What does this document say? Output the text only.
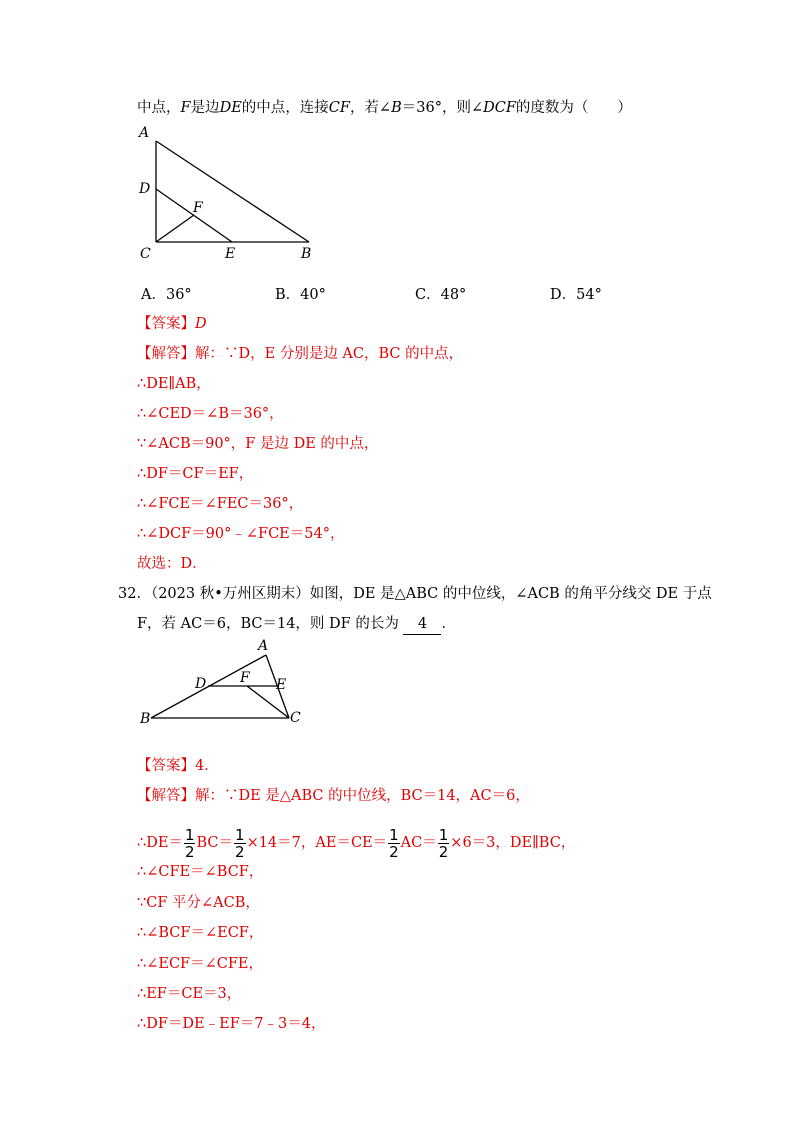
中点，F是边DE的中点，连接CF，若∠B＝36°，则∠DCF的度数为（　　）
A
D
F
C	E	B
A．36°	B．40°	C．48°	D．54°
【答案】D
【解答】解：∵D，E 分别是边 AC，BC 的中点，
∴DE∥AB，
∴∠CED＝∠B＝36°，
∵∠ACB＝90°，F 是边 DE 的中点，
∴DF＝CF＝EF，
∴∠FCE＝∠FEC＝36°，
∴∠DCF＝90°﹣∠FCE＝54°，
故选：D．
32．（2023 秋•万州区期末）如图，DE 是△ABC 的中位线，∠ACB 的角平分线交 DE 于点
F，若 AC＝6，BC＝14，则 DF 的长为 4 ．
A
D F E
B	C
【答案】4．
【解答】解：∵DE 是△ABC 的中位线，BC＝14，AC＝6，
∴DE＝ $\frac{1}{2} BC= \frac{1}{2} \times 14=7$，$AE=CE= \frac{1}{2} AC= \frac{1}{2} \times 6=3$，DE∥BC，
∴∠CFE＝∠BCF，
∵CF 平分∠ACB，
∴∠BCF＝∠ECF，
∴∠ECF＝∠CFE，
∴EF＝CE＝3，
∴DF＝DE﹣EF＝7﹣3＝4，
